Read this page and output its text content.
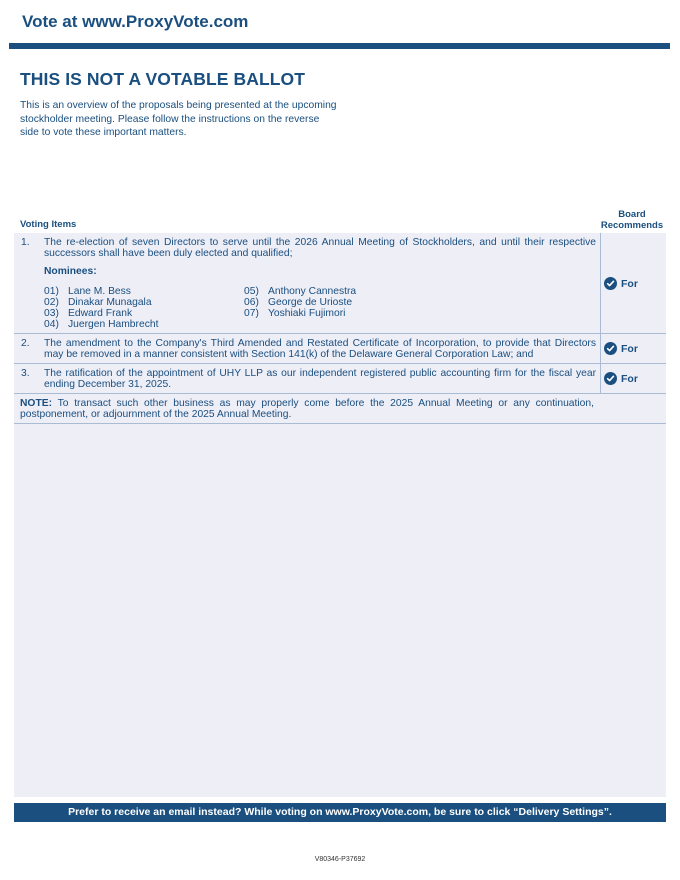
Vote at www.ProxyVote.com
THIS IS NOT A VOTABLE BALLOT
This is an overview of the proposals being presented at the upcoming stockholder meeting. Please follow the instructions on the reverse side to vote these important matters.
Voting Items
Board
Recommends
1. The re-election of seven Directors to serve until the 2026 Annual Meeting of Stockholders, and until their respective successors shall have been duly elected and qualified;
Nominees:
01) Lane M. Bess
02) Dinakar Munagala
03) Edward Frank
04) Juergen Hambrecht
05) Anthony Cannestra
06) George de Urioste
07) Yoshiaki Fujimori
For
2. The amendment to the Company's Third Amended and Restated Certificate of Incorporation, to provide that Directors may be removed in a manner consistent with Section 141(k) of the Delaware General Corporation Law; and	For
3. The ratification of the appointment of UHY LLP as our independent registered public accounting firm for the fiscal year ending December 31, 2025.	For
NOTE: To transact such other business as may properly come before the 2025 Annual Meeting or any continuation, postponement, or adjournment of the 2025 Annual Meeting.
Prefer to receive an email instead? While voting on www.ProxyVote.com, be sure to click “Delivery Settings”.
V80346-P37692
